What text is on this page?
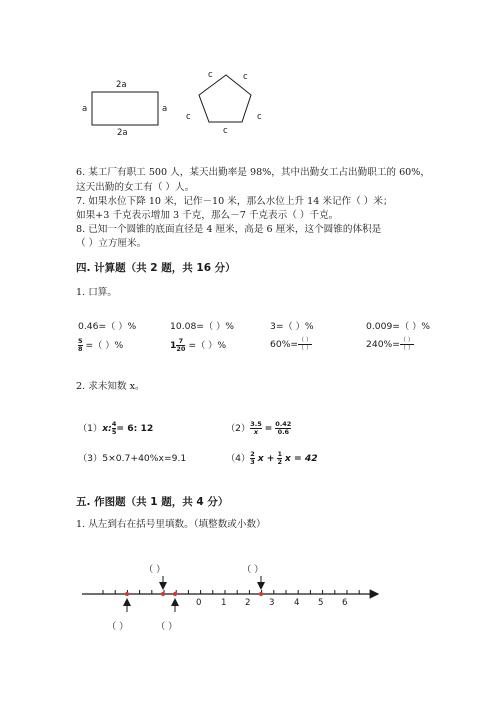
2a
2a
a	a
c	c
c	c
c
6. 某工厂有职工 500 人，某天出勤率是 98%，其中出勤女工占出勤职工的 60%，
这天出勤的女工有（ ）人。
7. 如果水位下降 10 米，记作－10 米，那么水位上升 14 米记作（ ）米；
如果+3 千克表示增加 3 千克，那么－7 千克表示（ ）千克。
8. 已知一个圆锥的底面直径是 4 厘米，高是 6 厘米，这个圆锥的体积是
（ ）立方厘米。
四. 计算题（共 2 题，共 16 分）
1. 口算。
0.46=（ ）%	10.08=（ ）%	3=（ ）%	0.009=（ ）%
$\frac{5}{8}$ =（ ）%	$1 \frac{7}{20}$ =（ ）%	$60\%= \frac{( )}{( )}$	$240\%= \frac{( )}{( )}$
2. 求未知数 x。
（1）x: $\frac{4}{5} = 6$: 12	$(2) \frac{3.5}{x} = \frac{0.42}{0.6}$
（3）5×0.7+40%x=9.1	$(4) \frac{2}{3}$ $x + \frac{1}{2}$ x = 42
五. 作图题（共 1 题，共 4 分）
1. 从左到右在括号里填数。（填整数或小数）
0 1 2 3 4 5 6
（ ）	（ ）
（ ）	（ ）
